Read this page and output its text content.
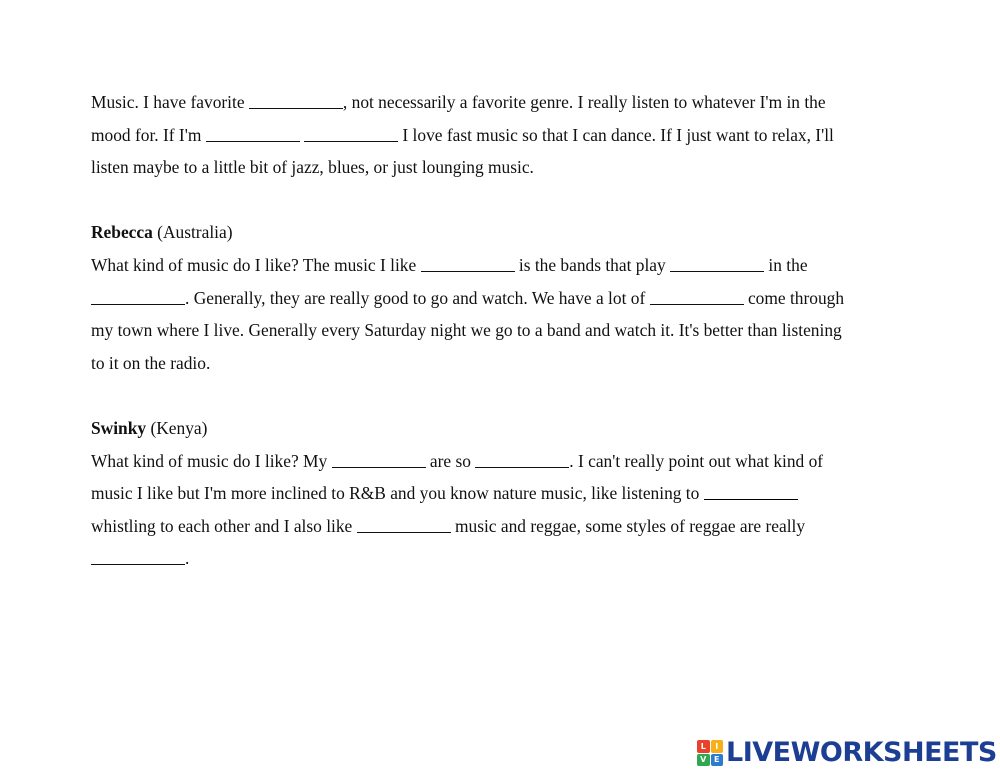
Music. I have favorite	, not necessarily a favorite genre. I really listen to whatever I'm in the
mood for. If I'm	I love fast music so that I can dance. If I just want to relax, I'll
listen maybe to a little bit of jazz, blues, or just lounging music.
Rebecca (Australia)
What kind of music do I like? The music I like	is the bands that play	in the
. Generally, they are really good to go and watch. We have a lot of	come through
my town where I live. Generally every Saturday night we go to a band and watch it. It's better than listening
to it on the radio.
Swinky (Kenya)
What kind of music do I like? My	are so	. I can't really point out what kind of
music I like but I'm more inclined to R&B and you know nature music, like listening to
whistling to each other and I also like	music and reggae, some styles of reggae are really
.
L	I
V E LIVEWORKSHEETS
